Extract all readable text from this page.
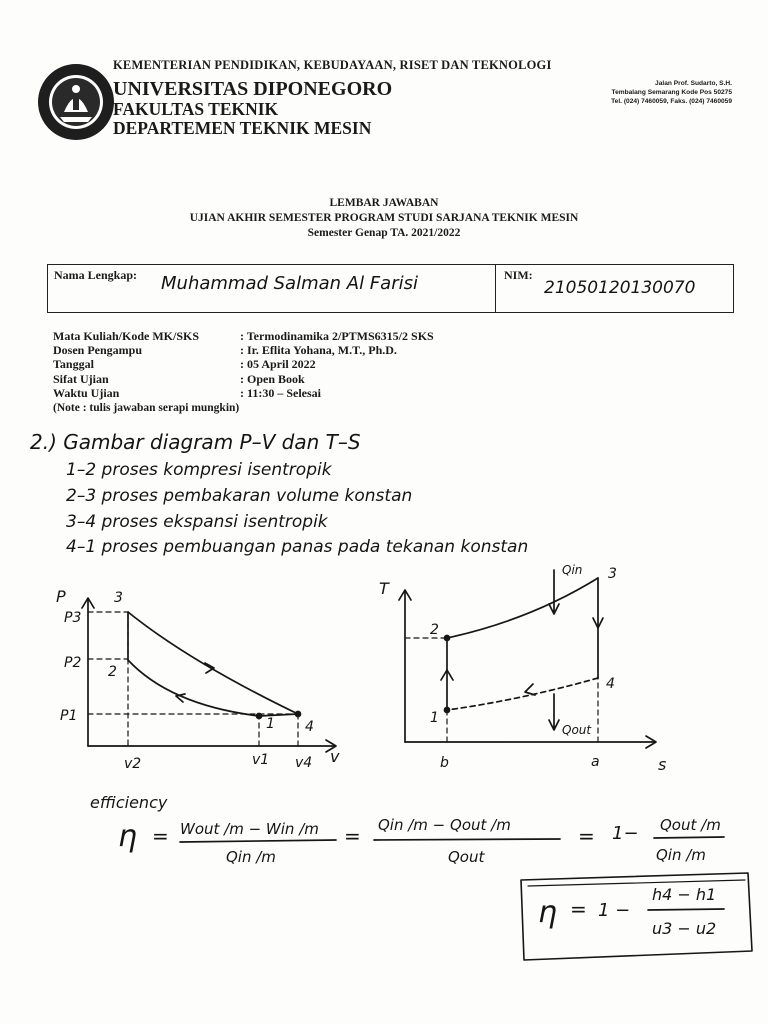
KEMENTERIAN PENDIDIKAN, KEBUDAYAAN, RISET DAN TEKNOLOGI
UNIVERSITAS DIPONEGORO
FAKULTAS TEKNIK
DEPARTEMEN TEKNIK MESIN
Jalan Prof. Sudarto, S.H.
Tembalang Semarang Kode Pos 50275
Tel. (024) 7460059, Faks. (024) 7460059
LEMBAR JAWABAN
UJIAN AKHIR SEMESTER PROGRAM STUDI SARJANA TEKNIK MESIN
Semester Genap TA. 2021/2022
Nama Lengkap: Muhammad Salman Al Farisi	NIM:
21050120130070
Mata Kuliah/Kode MK/SKS	: Termodinamika 2/PTMS6315/2 SKS
Dosen Pengampu	: Ir. Eflita Yohana, M.T., Ph.D.
Tanggal	: 05 April 2022
Sifat Ujian	: Open Book
Waktu Ujian	: 11:30 – Selesai
(Note : tulis jawaban serapi mungkin)
2.) Gambar diagram P–V dan T–S
1–2 proses kompresi isentropik
2–3 proses pembakaran volume konstan
3–4 proses ekspansi isentropik
4–1 proses pembuangan panas pada tekanan konstan
P
v
P3
P2
P1
3
2
1 4
v2	v1 v4
T
s
2
1
3
4
b	a
Qin
Qout
efficiency
η = Wout /m − Win /m
Qin /m
= Qin /m − Qout /m
Qout
= 1− Qout /m
Qin /m
η = 1 −
h4 − h1
u3 − u2
